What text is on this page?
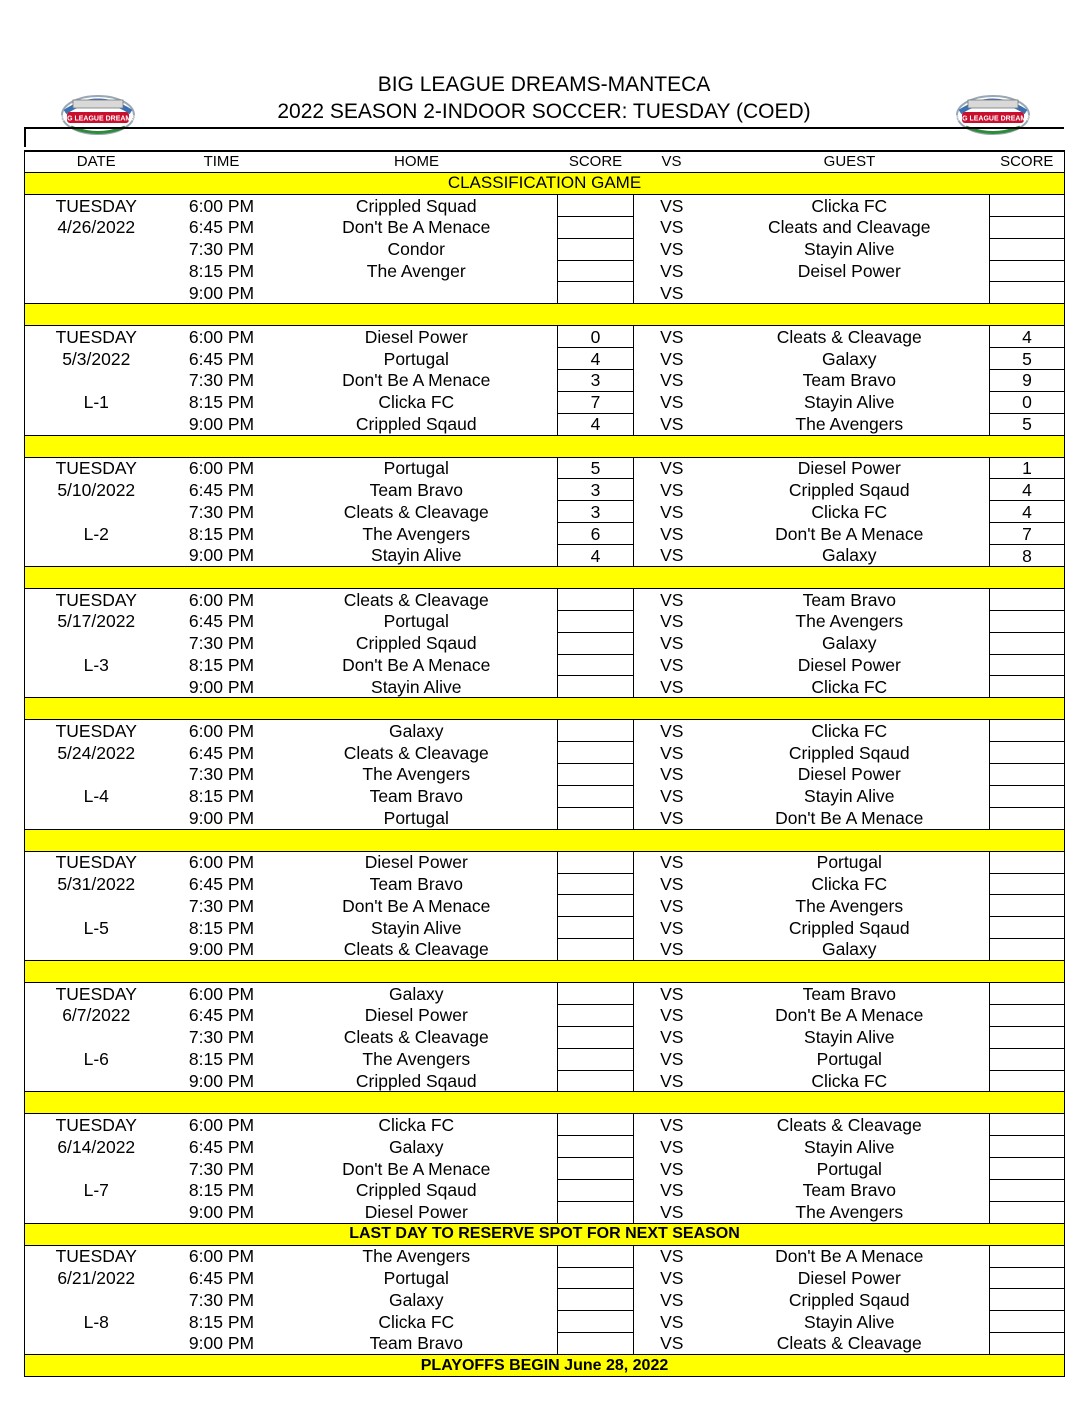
BIG LEAGUE DREAMS-MANTECA
2022 SEASON 2-INDOOR SOCCER: TUESDAY (COED)
BIG LEAGUE DREAMS	BIG LEAGUE DREAMS
DATE	TIME	HOME	SCORE	VS	GUEST	SCORE
CLASSIFICATION GAME						
TUESDAY	6:00 PM	Crippled Squad		VS	Clicka FC	
4/26/2022	6:45 PM	Don't Be A Menace		VS	Cleats and Cleavage	
	7:30 PM	Condor		VS	Stayin Alive	
	8:15 PM	The Avenger		VS	Deisel Power	
	9:00 PM			VS		

TUESDAY	6:00 PM	Diesel Power	0	VS	Cleats & Cleavage	4
5/3/2022	6:45 PM	Portugal	4	VS	Galaxy	5
	7:30 PM	Don't Be A Menace	3	VS	Team Bravo	9
L-1	8:15 PM	Clicka FC	7	VS	Stayin Alive	0
	9:00 PM	Crippled Sqaud	4	VS	The Avengers	5

TUESDAY	6:00 PM	Portugal	5	VS	Diesel Power	1
5/10/2022	6:45 PM	Team Bravo	3	VS	Crippled Sqaud	4
	7:30 PM	Cleats & Cleavage	3	VS	Clicka FC	4
L-2	8:15 PM	The Avengers	6	VS	Don't Be A Menace	7
	9:00 PM	Stayin Alive	4	VS	Galaxy	8

TUESDAY	6:00 PM	Cleats & Cleavage		VS	Team Bravo	
5/17/2022	6:45 PM	Portugal		VS	The Avengers	
	7:30 PM	Crippled Sqaud		VS	Galaxy	
L-3	8:15 PM	Don't Be A Menace		VS	Diesel Power	
	9:00 PM	Stayin Alive		VS	Clicka FC	

TUESDAY	6:00 PM	Galaxy		VS	Clicka FC	
5/24/2022	6:45 PM	Cleats & Cleavage		VS	Crippled Sqaud	
	7:30 PM	The Avengers		VS	Diesel Power	
L-4	8:15 PM	Team Bravo		VS	Stayin Alive	
	9:00 PM	Portugal		VS	Don't Be A Menace	

TUESDAY	6:00 PM	Diesel Power		VS	Portugal	
5/31/2022	6:45 PM	Team Bravo		VS	Clicka FC	
	7:30 PM	Don't Be A Menace		VS	The Avengers	
L-5	8:15 PM	Stayin Alive		VS	Crippled Sqaud	
	9:00 PM	Cleats & Cleavage		VS	Galaxy	

TUESDAY	6:00 PM	Galaxy		VS	Team Bravo	
6/7/2022	6:45 PM	Diesel Power		VS	Don't Be A Menace	
	7:30 PM	Cleats & Cleavage		VS	Stayin Alive	
L-6	8:15 PM	The Avengers		VS	Portugal	
	9:00 PM	Crippled Sqaud		VS	Clicka FC	

TUESDAY	6:00 PM	Clicka FC		VS	Cleats & Cleavage	
6/14/2022	6:45 PM	Galaxy		VS	Stayin Alive	
	7:30 PM	Don't Be A Menace		VS	Portugal	
L-7	8:15 PM	Crippled Sqaud		VS	Team Bravo	
	9:00 PM	Diesel Power		VS	The Avengers	
LAST DAY TO RESERVE SPOT FOR NEXT SEASON						
TUESDAY	6:00 PM	The Avengers		VS	Don't Be A Menace	
6/21/2022	6:45 PM	Portugal		VS	Diesel Power	
	7:30 PM	Galaxy		VS	Crippled Sqaud	
L-8	8:15 PM	Clicka FC		VS	Stayin Alive	
	9:00 PM	Team Bravo		VS	Cleats & Cleavage	
PLAYOFFS BEGIN June 28, 2022						
